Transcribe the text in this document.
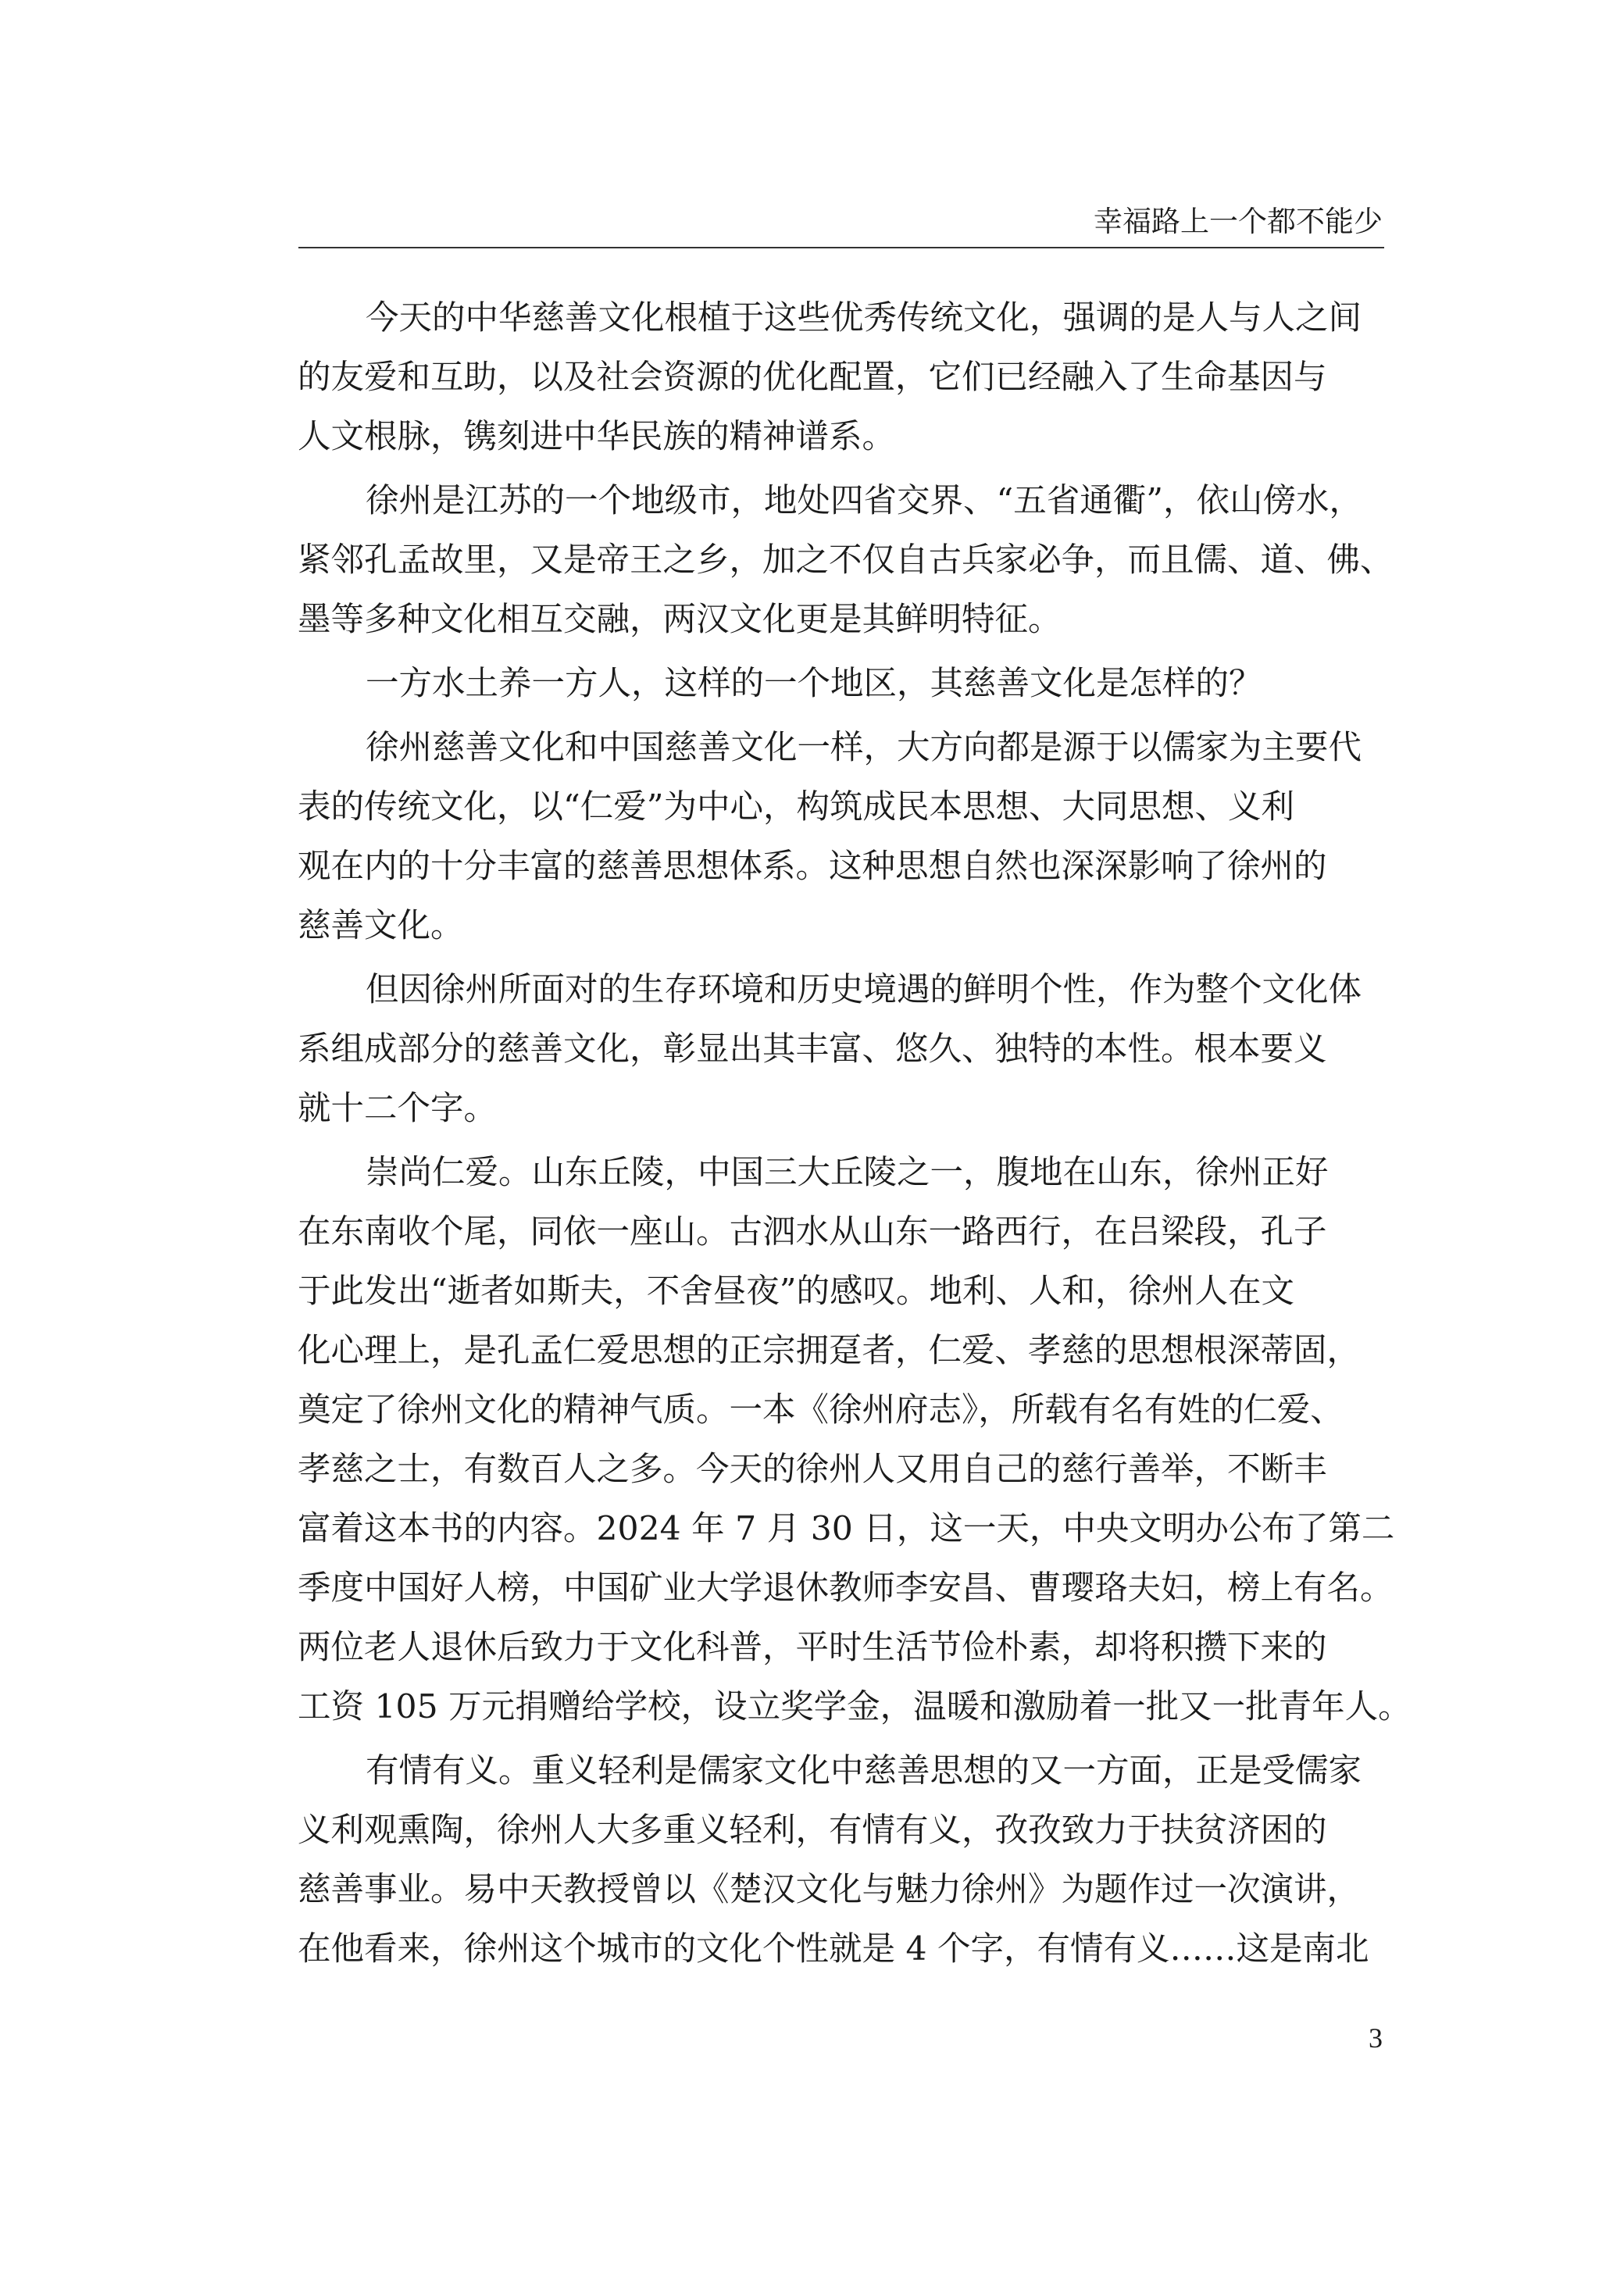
幸福路上一个都不能少
今天的中华慈善文化根植于这些优秀传统文化，强调的是人与人之间
的友爱和互助，以及社会资源的优化配置，它们已经融入了生命基因与
人文根脉，镌刻进中华民族的精神谱系。
徐州是江苏的一个地级市，地处四省交界、“五省通衢”，依山傍水，
紧邻孔孟故里，又是帝王之乡，加之不仅自古兵家必争，而且儒、道、佛、
墨等多种文化相互交融，两汉文化更是其鲜明特征。
一方水土养一方人，这样的一个地区，其慈善文化是怎样的？
徐州慈善文化和中国慈善文化一样，大方向都是源于以儒家为主要代
表的传统文化，以“仁爱”为中心，构筑成民本思想、大同思想、义利
观在内的十分丰富的慈善思想体系。这种思想自然也深深影响了徐州的
慈善文化。
但因徐州所面对的生存环境和历史境遇的鲜明个性，作为整个文化体
系组成部分的慈善文化，彰显出其丰富、悠久、独特的本性。根本要义
就十二个字。
崇尚仁爱。山东丘陵，中国三大丘陵之一，腹地在山东，徐州正好
在东南收个尾，同依一座山。古泗水从山东一路西行，在吕梁段，孔子
于此发出“逝者如斯夫，不舍昼夜”的感叹。地利、人和，徐州人在文
化心理上，是孔孟仁爱思想的正宗拥趸者，仁爱、孝慈的思想根深蒂固，
奠定了徐州文化的精神气质。一本《徐州府志》，所载有名有姓的仁爱、
孝慈之士，有数百人之多。今天的徐州人又用自己的慈行善举，不断丰
富着这本书的内容。2024 年 7 月 30 日，这一天，中央文明办公布了第二
季度中国好人榜，中国矿业大学退休教师李安昌、曹璎珞夫妇，榜上有名。
两位老人退休后致力于文化科普，平时生活节俭朴素，却将积攒下来的
工资 105 万元捐赠给学校，设立奖学金，温暖和激励着一批又一批青年人。
有情有义。重义轻利是儒家文化中慈善思想的又一方面，正是受儒家
义利观熏陶，徐州人大多重义轻利，有情有义，孜孜致力于扶贫济困的
慈善事业。易中天教授曾以《楚汉文化与魅力徐州》为题作过一次演讲，
在他看来，徐州这个城市的文化个性就是 4 个字，有情有义……这是南北
3
